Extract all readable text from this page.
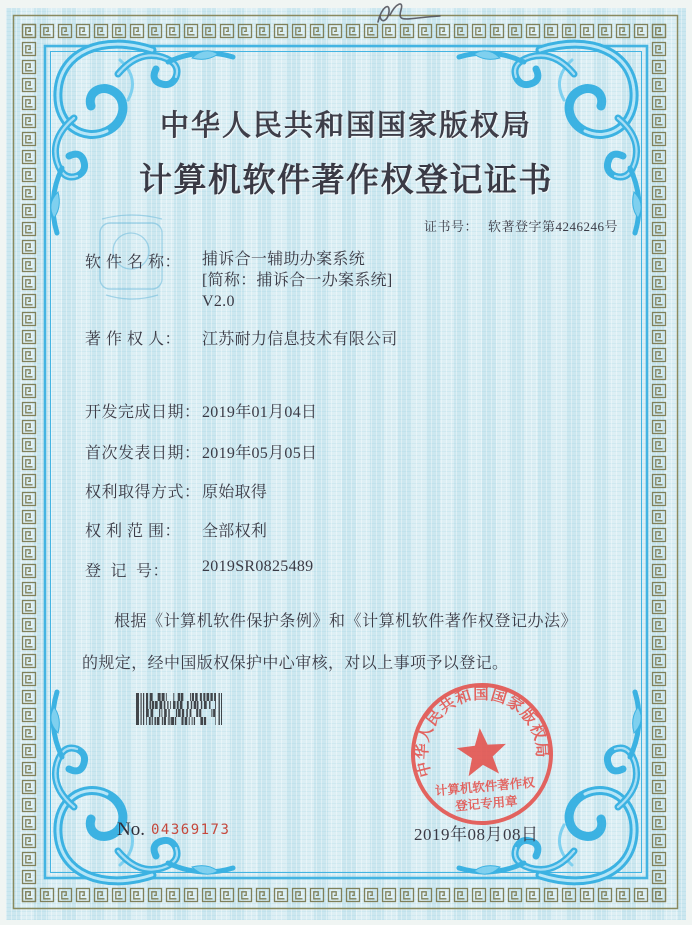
中华人民共和国国家版权局
计算机软件著作权登记证书
证书号： 软著登字第4246246号
软 件 名 称： 捕诉合一辅助办案系统
[简称：捕诉合一办案系统]
V2.0
著 作 权 人： 江苏耐力信息技术有限公司
开发完成日期：2019年01月04日
首次发表日期：2019年05月05日
权利取得方式：原始取得
权 利 范 围： 全部权利
登  记  号： 2019SR0825489
根据《计算机软件保护条例》和《计算机软件著作权登记办法》的规定，经中国版权保护中心审核，对以上事项予以登记。
中华人民共和国国家版权局
计算机软件著作权
登记专用章
2019年08月08日
No. 04369173
